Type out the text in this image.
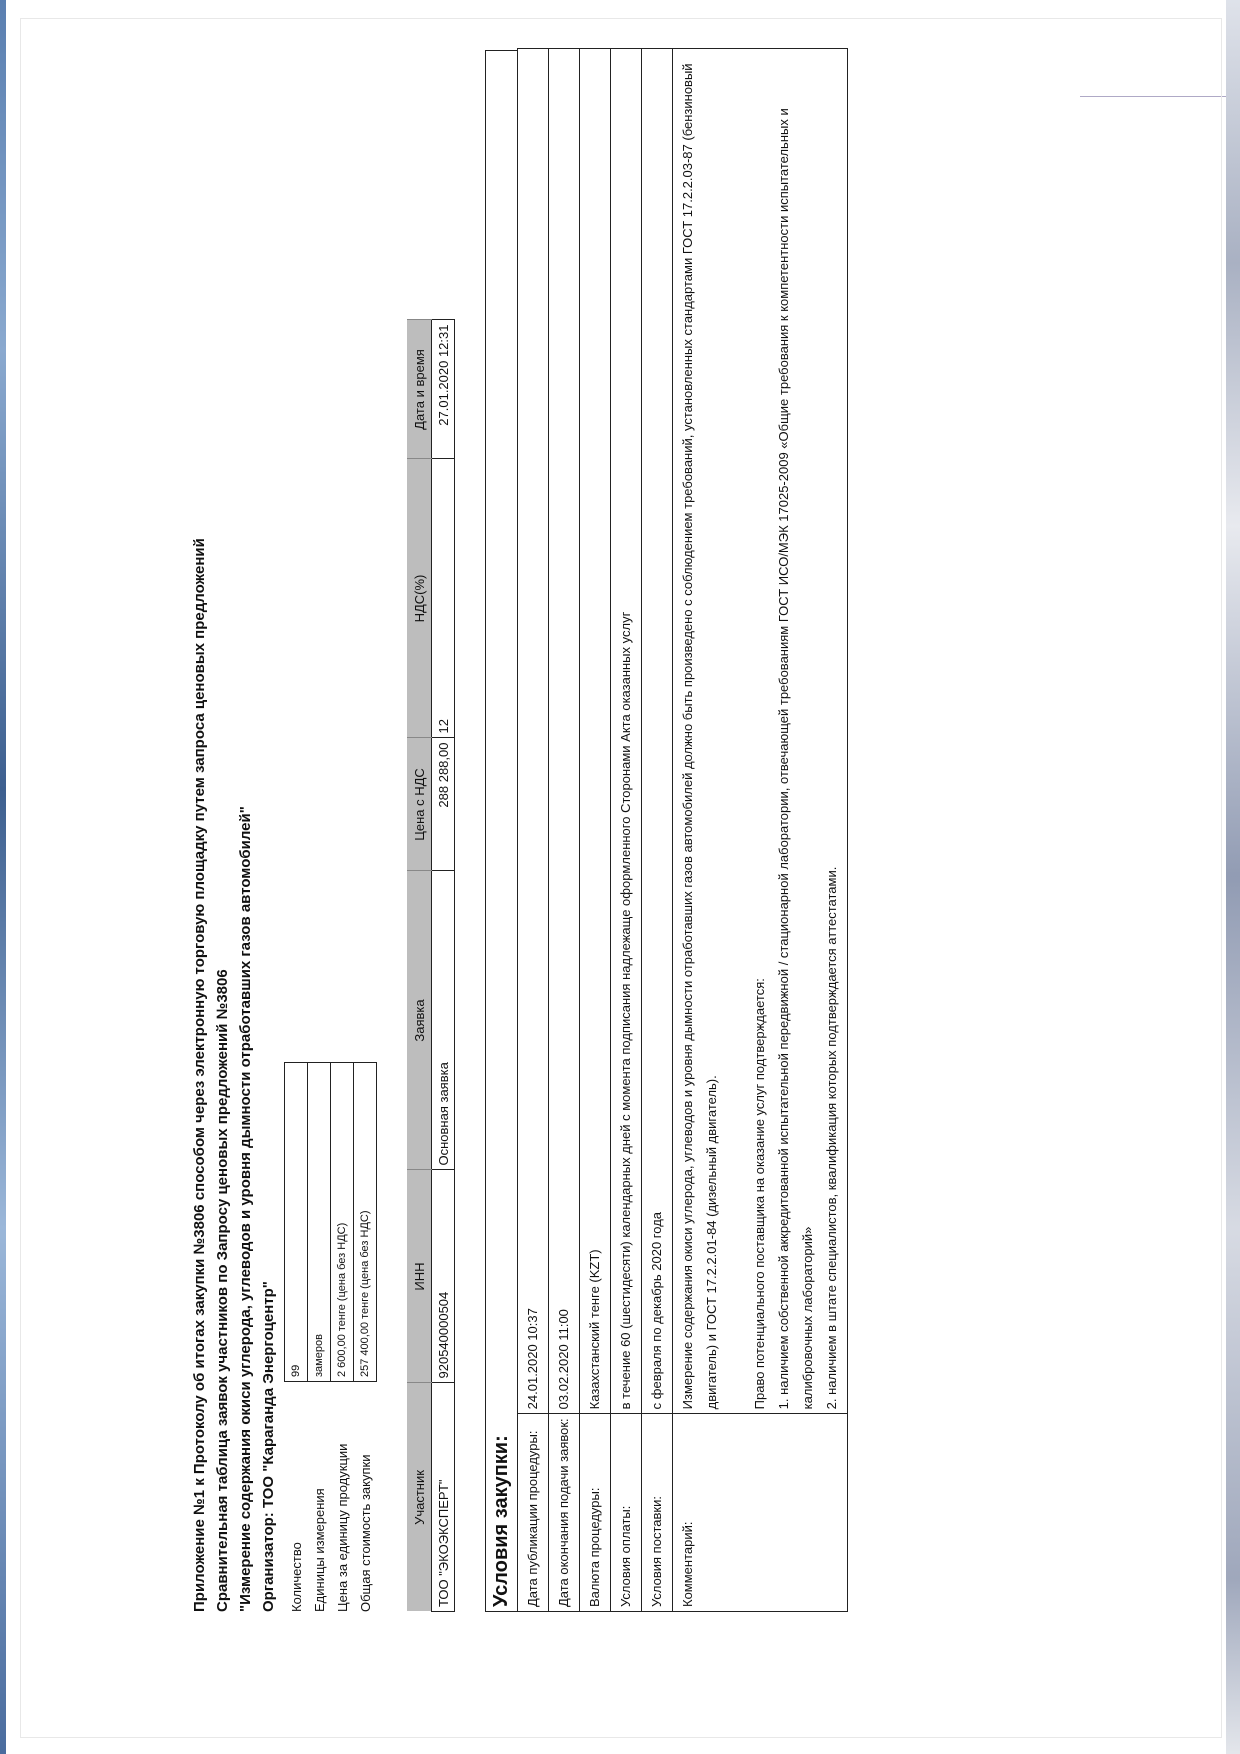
Приложение №1 к Протоколу об итогах закупки №3806 способом через электронную торговую площадку путем запроса ценовых предложений Сравнительная таблица заявок участников по Запросу ценовых предложений №3806 "Измерение содержания окиси углерода, углеводов и уровня дымности отработавших газов автомобилей" Организатор: ТОО "Караганда Энергоцентр" Количество	99
Единицы измерения	замеров
Цена за единицу продукции	2 600,00 тенге (цена без НДС)
Общая стоимость закупки	257 400,00 тенге (цена без НДС)
Участник	ИНН	Заявка	Цена с НДС	НДС(%)	Дата и время
ТОО "ЭКОЭКСПЕРТ"	920540000504	Основная заявка	288 288,00	12	27.01.2020 12:31
Условия закупки:	Дата публикации процедуры:	24.01.2020 10:37
Дата окончания подачи заявок:	03.02.2020 11:00
Валюта процедуры:	Казахстанский тенге (KZT)
Условия оплаты:	в течение 60 (шестидесяти) календарных дней с момента подписания надлежаще оформленного Сторонами Акта оказанных услуг
Условия поставки:	с февраля по декабрь 2020 года
Комментарий:	Измерение содержания окиси углерода, углеводов и уровня дымности отработавших газов автомобилей должно быть произведено с соблюдением требований, установленных стандартами ГОСТ 17.2.2.03-87 (бензиновый двигатель) и ГОСТ 17.2.2.01-84 (дизельный двигатель). Право потенциального поставщика на оказание услуг подтверждается: 1. наличием собственной аккредитованной испытательной передвижной / стационарной лаборатории, отвечающей требованиям ГОСТ ИСО/МЭК 17025-2009 «Общие требования к компетентности испытательных и калибровочных лабораторий» 2. наличием в штате специалистов, квалификация которых подтверждается аттестатами.
